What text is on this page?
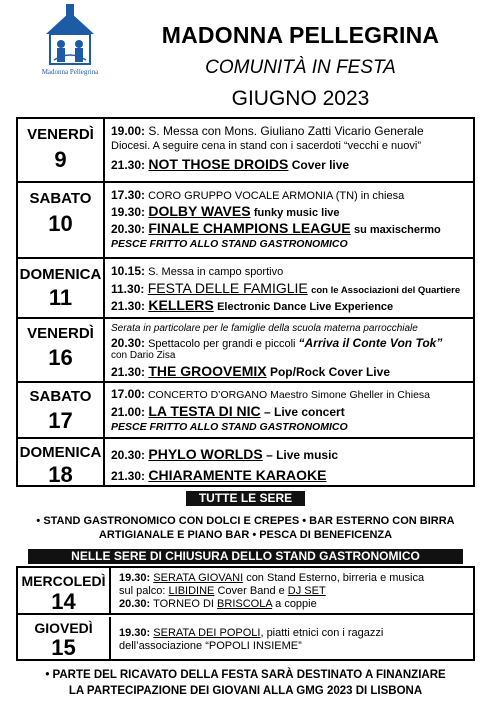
Madonna Pellegrina
MADONNA PELLEGRINA
COMUNITÀ IN FESTA
GIUGNO 2023
VENERDÌ
9
19.00: S. Messa con Mons. Giuliano Zatti Vicario Generale
Diocesi. A seguire cena in stand con i sacerdoti “vecchi e nuovi”
21.30: NOT THOSE DROIDS Cover live
SABATO
10
17.30: CORO GRUPPO VOCALE ARMONIA (TN) in chiesa
19.30: DOLBY WAVES funky music live
20.30: FINALE CHAMPIONS LEAGUE su maxischermo
PESCE FRITTO ALLO STAND GASTRONOMICO
DOMENICA
11
10.15: S. Messa in campo sportivo
11.30: FESTA DELLE FAMIGLIE con le Associazioni del Quartiere
21.30: KELLERS Electronic Dance Live Experience
VENERDÌ
16
Serata in particolare per le famiglie della scuola materna parrocchiale
20.30: Spettacolo per grandi e piccoli “Arriva il Conte Von Tok”
con Dario Zisa
21.30: THE GROOVEMIX Pop/Rock Cover Live
SABATO
17
17.00: CONCERTO D’ORGANO Maestro Simone Gheller in Chiesa
21.00: LA TESTA DI NIC – Live concert
PESCE FRITTO ALLO STAND GASTRONOMICO
DOMENICA
18
20.30: PHYLO WORLDS – Live music
21.30: CHIARAMENTE KARAOKE
TUTTE LE SERE
• STAND GASTRONOMICO CON DOLCI E CREPES • BAR ESTERNO CON BIRRA
ARTIGIANALE E PIANO BAR • PESCA DI BENEFICENZA
NELLE SERE DI CHIUSURA DELLO STAND GASTRONOMICO
MERCOLEDÌ
14
19.30: SERATA GIOVANI con Stand Esterno, birreria e musica
sul palco: LIBIDINE Cover Band e DJ SET
20.30: TORNEO DI BRISCOLA a coppie
GIOVEDÌ
15
19.30: SERATA DEI POPOLI, piatti etnici con i ragazzi
dell’associazione “POPOLI INSIEME”
• PARTE DEL RICAVATO DELLA FESTA SARÀ DESTINATO A FINANZIARE
LA PARTECIPAZIONE DEI GIOVANI ALLA GMG 2023 DI LISBONA
